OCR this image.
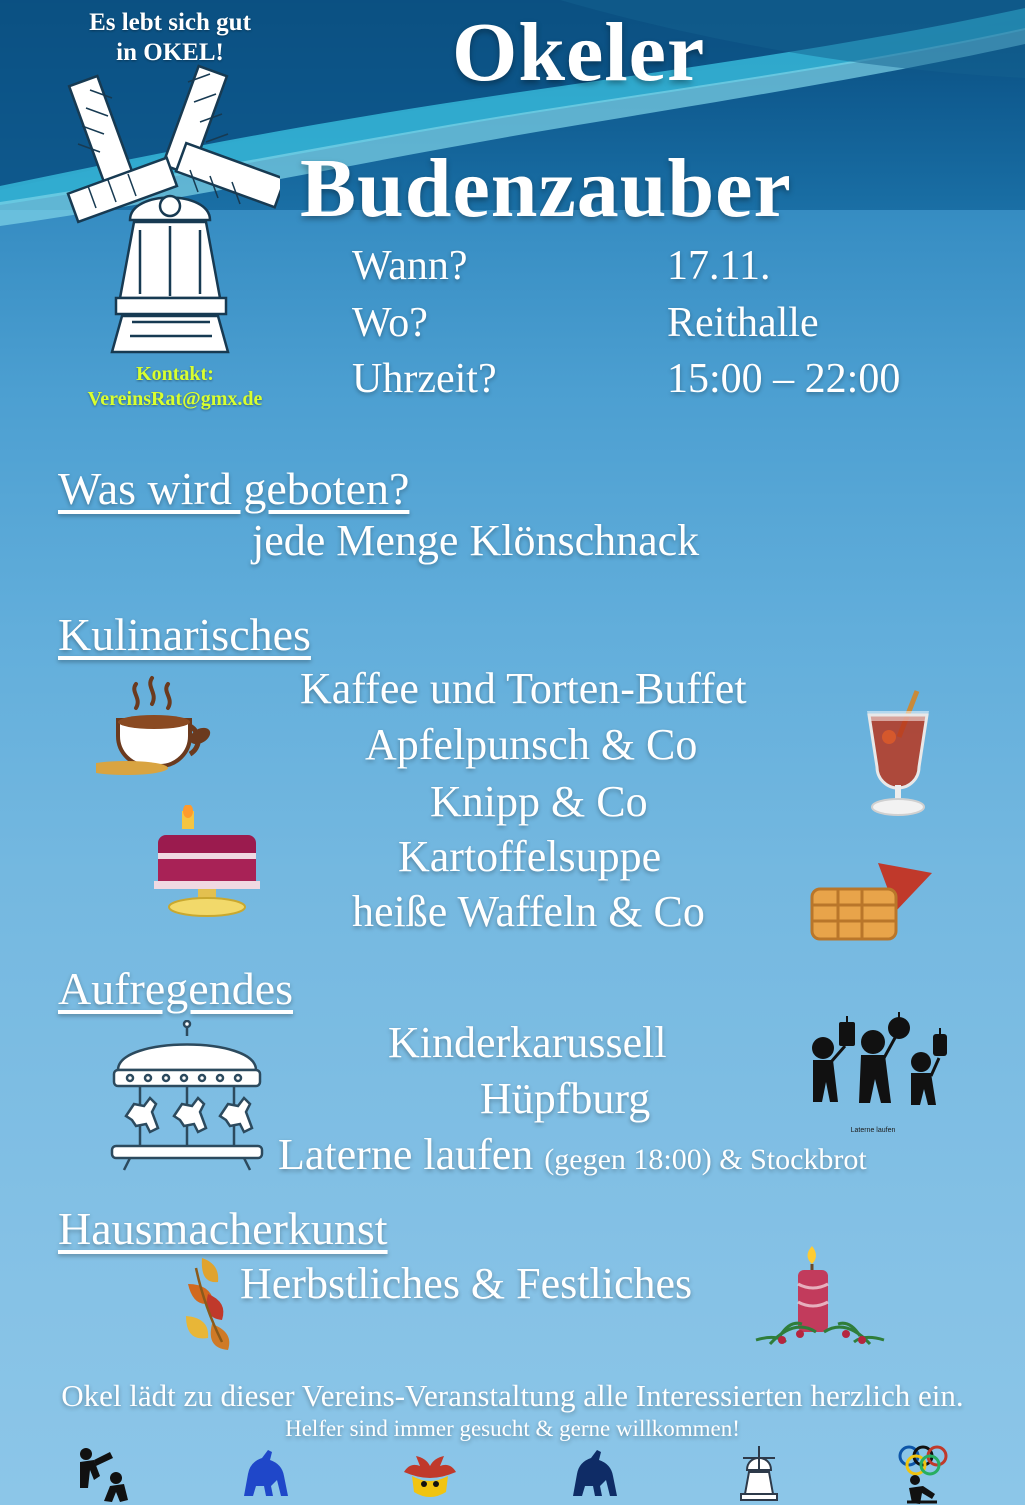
Es lebt sich gut
in OKEL!
Kontakt:
VereinsRat@gmx.de
Okeler
Budenzauber
Wann?	17.11.
Wo?	Reithalle
Uhrzeit?	15:00 – 22:00
Was wird geboten?
jede Menge Klönschnack
Kulinarisches
Kaffee und Torten-Buffet
Apfelpunsch & Co
Knipp & Co
Kartoffelsuppe
heiße Waffeln & Co
Aufregendes
Kinderkarussell
Hüpfburg
Laterne laufen (gegen 18:00) & Stockbrot
Hausmacherkunst
Herbstliches & Festliches
Laterne laufen
Okel lädt zu dieser Vereins-Veranstaltung alle Interessierten herzlich ein.
Helfer sind immer gesucht & gerne willkommen!
